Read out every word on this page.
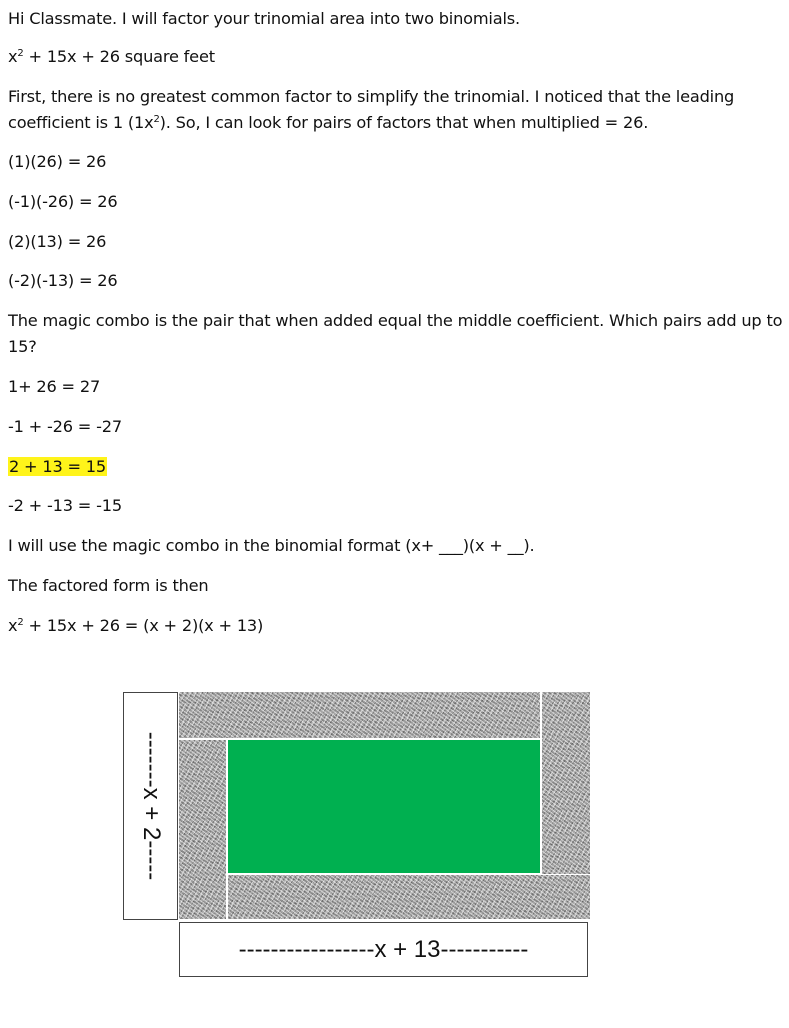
Hi Classmate. I will factor your trinomial area into two binomials.
$x^2 + 15x + 26$ square feet
First, there is no greatest common factor to simplify the trinomial. I noticed that the leading coefficient is 1 $(1x^2)$. So, I can look for pairs of factors that when multiplied = 26.
(1)(26) = 26
(-1)(-26) = 26
(2)(13) = 26
(-2)(-13) = 26
The magic combo is the pair that when added equal the middle coefficient. Which pairs add up to 15?
1+ 26 = 27
-1 + -26 = -27
2 + 13 = 15
-2 + -13 = -15
I will use the magic combo in the binomial format (x+ ___)(x + __).
The factored form is then
$x^2 + 15x + 26 = (x + 2)(x + 13)$
-------x + 2-----
-----------------x + 13-----------
